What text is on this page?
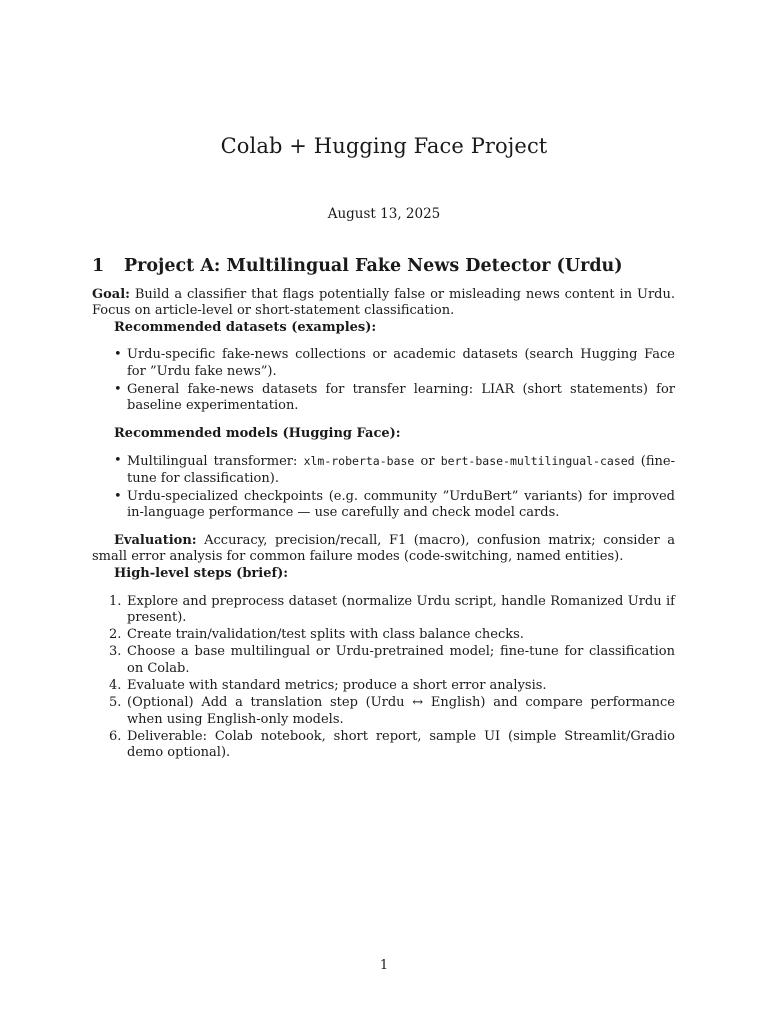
Colab + Hugging Face Project

August 13, 2025

1	Project A: Multilingual Fake News Detector (Urdu)

Goal: Build a classifier that flags potentially false or misleading news content in Urdu. Focus on article-level or short-statement classification.

Recommended datasets (examples):

• Urdu-specific fake-news collections or academic datasets (search Hugging Face for ”Urdu fake news”).
• General fake-news datasets for transfer learning: LIAR (short statements) for baseline experimentation.

Recommended models (Hugging Face):

• Multilingual transformer: xlm-roberta-base or bert-base-multilingual-cased (fine-tune for classification).
• Urdu-specialized checkpoints (e.g. community ”UrduBert” variants) for improved in-language performance — use carefully and check model cards.

Evaluation: Accuracy, precision/recall, F1 (macro), confusion matrix; consider a small error analysis for common failure modes (code-switching, named entities).

High-level steps (brief):

1. Explore and preprocess dataset (normalize Urdu script, handle Romanized Urdu if present).
2. Create train/validation/test splits with class balance checks.
3. Choose a base multilingual or Urdu-pretrained model; fine-tune for classification on Colab.
4. Evaluate with standard metrics; produce a short error analysis.
5. (Optional) Add a translation step (Urdu ↔ English) and compare performance when using English-only models.
6. Deliverable: Colab notebook, short report, sample UI (simple Streamlit/Gradio demo optional).
1
